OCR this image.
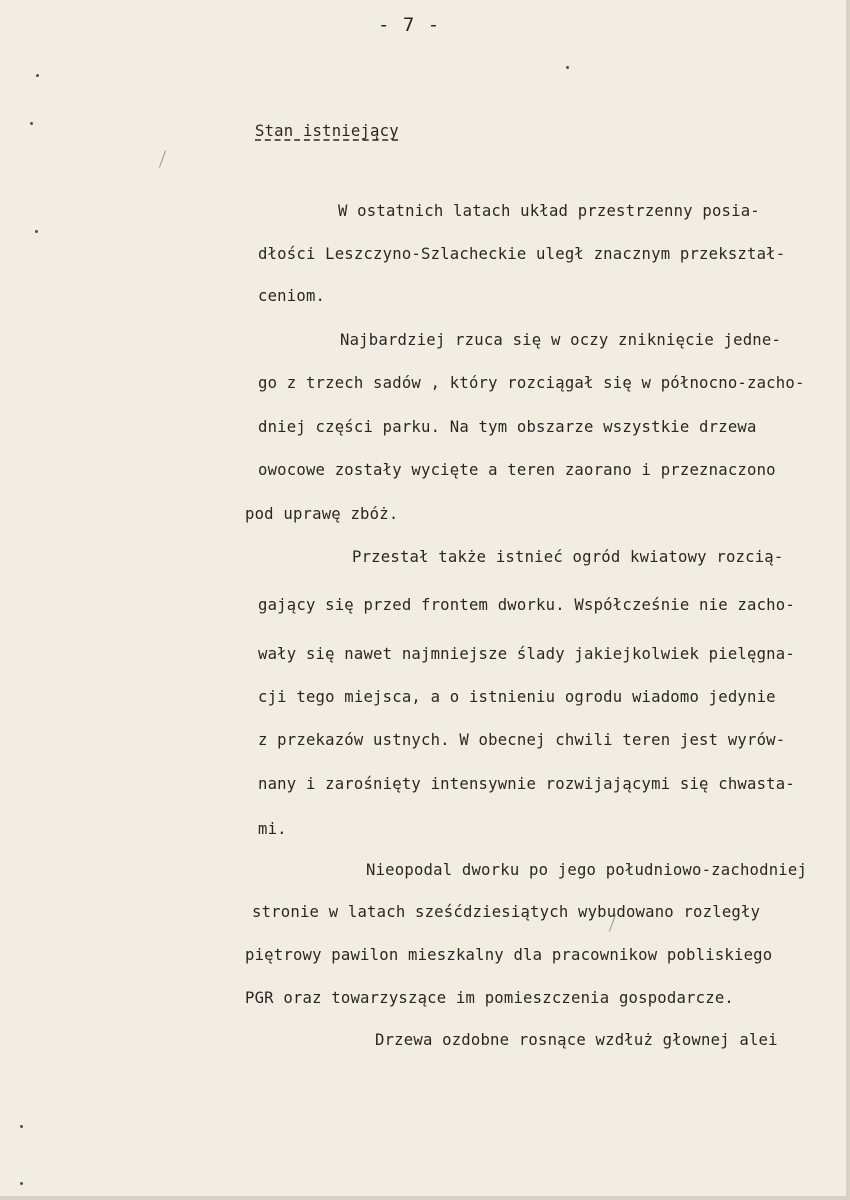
- 7 -
Stan istniejący
W ostatnich latach układ przestrzenny posia-
dłości Leszczyno-Szlacheckie uległ znacznym przekształ-
ceniom.
Najbardziej rzuca się w oczy zniknięcie jedne-
go z trzech sadów , który rozciągał się w północno-zacho-
dniej części parku. Na tym obszarze wszystkie drzewa
owocowe zostały wycięte a teren zaorano i przeznaczono
pod uprawę zbóż.
Przestał także istnieć ogród kwiatowy rozcią-
gający się przed frontem dworku. Współcześnie nie zacho-
wały się nawet najmniejsze ślady jakiejkolwiek pielęgna-
cji tego miejsca, a o istnieniu ogrodu wiadomo jedynie
z przekazów ustnych. W obecnej chwili teren jest wyrów-
nany i zarośnięty intensywnie rozwijającymi się chwasta-
mi.
Nieopodal dworku po jego południowo-zachodniej
stronie w latach sześćdziesiątych wybudowano rozległy
piętrowy pawilon mieszkalny dla pracownikow pobliskiego
PGR oraz towarzyszące im pomieszczenia gospodarcze.
Drzewa ozdobne rosnące wzdłuż głownej alei
